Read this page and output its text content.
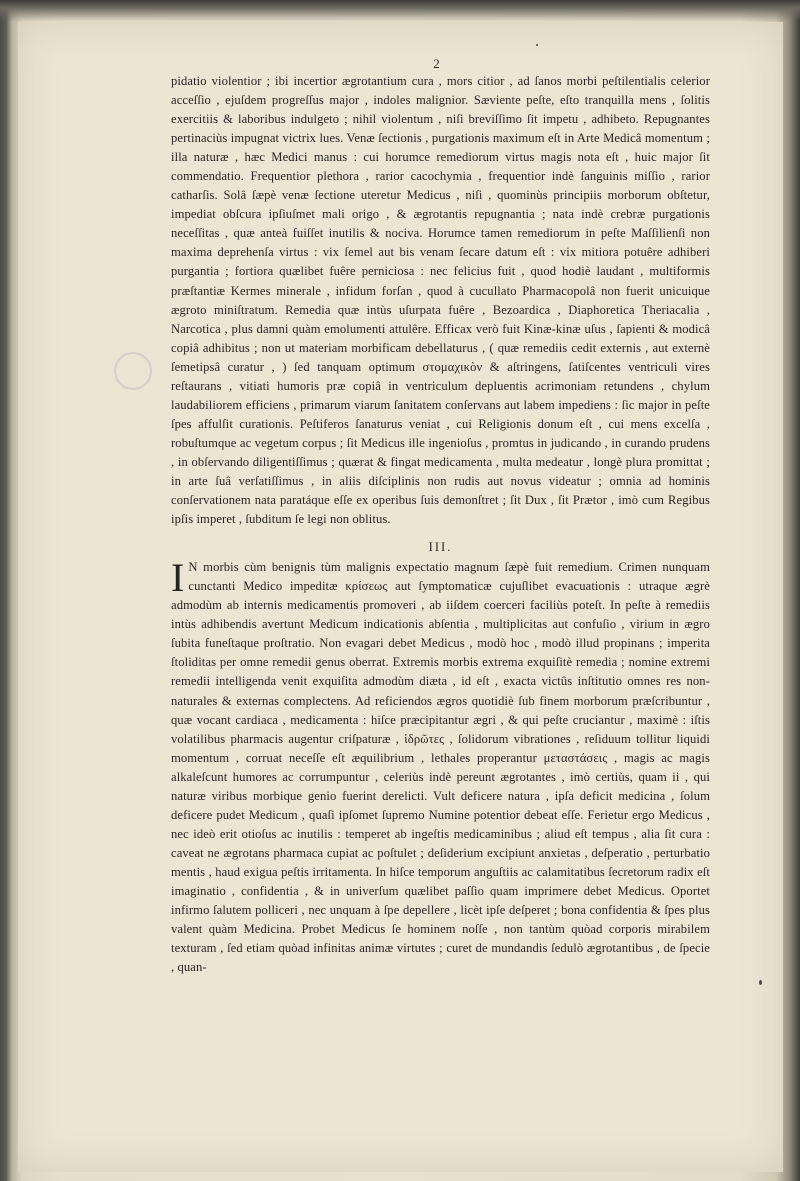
2

pidatio violentior ; ibi incertior ægrotantium cura , mors citior , ad ſanos morbi peſtilentialis celerior acceſſio , ejuſdem progreſſus major , indoles malignior. Sæviente peſte, eſto tranquilla mens , ſolitis exercitiis & laboribus indulgeto ; nihil violentum , niſi breviſſimo ſit impetu , adhibeto. Repugnantes pertinaciùs impugnat victrix lues. Venæ ſectionis , purgationis maximum eſt in Arte Medicâ momentum ; illa naturæ , hæc Medici manus : cui horumce remediorum virtus magis nota eſt , huic major ſit commendatio. Frequentior plethora , rarior cacochymia , frequentior indè ſanguinis miſſio , rarior catharſis. Solâ ſæpè venæ ſectione uteretur Medicus , niſi , quominùs principiis morborum obſtetur, impediat obſcura ipſiuſmet mali origo , & ægrotantis repugnantia ; nata indè crebræ purgationis neceſſitas , quæ anteà fuiſſet inutilis & nociva. Horumce tamen remediorum in peſte Maſſilienſi non maxima deprehenſa virtus : vix ſemel aut bis venam ſecare datum eſt : vix mitiora potuêre adhiberi purgantia ; fortiora quælibet fuêre perniciosa : nec felicius fuit , quod hodiè laudant , multiformis præſtantiæ Kermes minerale , infidum forſan , quod à cucullato Pharmacopolâ non fuerit unicuique ægroto miniſtratum. Remedia quæ intùs uſurpata fuêre , Bezoardica , Diaphoretica Theriacalia , Narcotica , plus damni quàm emolumenti attulêre. Efficax verò fuit Kinæ-kinæ uſus , ſapienti & modicâ copiâ adhibitus ; non ut materiam morbificam debellaturus , ( quæ remediis cedit externis , aut externè ſemetipsâ curatur , ) ſed tanquam optimum στομαχικὸν & aſtringens, ſatiſcentes ventriculi vires reſtaurans , vitiati humoris præ copiâ in ventriculum depluentis acrimoniam retundens , chylum laudabiliorem efficiens , primarum viarum ſanitatem conſervans aut labem impediens : ſic major in peſte ſpes affulſit curationis. Peſtiferos ſanaturus veniat , cui Religionis donum eſt , cui mens excelſa , robuſtumque ac vegetum corpus ; ſit Medicus ille ingenioſus , promtus in judicando , in curando prudens , in obſervando diligentiſſimus ; quærat & fingat medicamenta , multa medeatur , longè plura promittat ; in arte ſuâ verſatiſſimus , in aliis diſciplinis non rudis aut novus videatur ; omnia ad hominis conſervationem nata paratáque eſſe ex operibus ſuis demonſtret ; ſit Dux , ſit Prætor , imò cum Regibus ipſis imperet , ſubditum ſe legi non oblitus.

III.

I N morbis cùm benignis tùm malignis expectatio magnum ſæpè fuit remedium. Crimen nunquam cunctanti Medico impeditæ κρίσεως aut ſymptomaticæ cujuſlibet evacuationis : utraque ægrè admodùm ab internis medicamentis promoveri , ab iiſdem coerceri faciliùs poteſt. In peſte à remediis intùs adhibendis avertunt Medicum indicationis abſentia , multiplicitas aut confuſio , virium in ægro ſubita funeſtaque proſtratio. Non evagari debet Medicus , modò hoc , modò illud propinans ; imperita ſtoliditas per omne remedii genus oberrat. Extremis morbis extrema exquiſitè remedia ; nomine extremi remedii intelligenda venit exquiſita admodùm diæta , id eſt , exacta victûs inſtitutio omnes res non-naturales & externas complectens. Ad reficiendos ægros quotidiè ſub finem morborum præſcribuntur , quæ vocant cardiaca , medicamenta : hiſce præcipitantur ægri , & qui peſte cruciantur , maximè : iſtis volatilibus pharmacis augentur criſpaturæ , ἱδρῶτες , ſolidorum vibrationes , reſiduum tollitur liquidi momentum , corruat neceſſe eſt æquilibrium , lethales properantur μεταστάσεις , magis ac magis alkaleſcunt humores ac corrumpuntur , celeriùs indè pereunt ægrotantes , imò certiùs, quam ii , qui naturæ viribus morbique genio fuerint derelicti. Vult deficere natura , ipſa deficit medicina , ſolum deficere pudet Medicum , quaſi ipſomet ſupremo Numine potentior debeat eſſe. Ferietur ergo Medicus , nec ideò erit otioſus ac inutilis : temperet ab ingeſtis medicaminibus ; aliud eſt tempus , alia ſit cura : caveat ne ægrotans pharmaca cupiat ac poſtulet ; deſiderium excipiunt anxietas , deſperatio , perturbatio mentis , haud exigua peſtis irritamenta. In hiſce temporum anguſtiis ac calamitatibus ſecretorum radix eſt imaginatio , confidentia , & in univerſum quælibet paſſio quam imprimere debet Medicus. Oportet infirmo ſalutem polliceri , nec unquam à ſpe depellere , licèt ipſe deſperet ; bona confidentia & ſpes plus valent quàm Medicina. Probet Medicus ſe hominem noſſe , non tantùm quòad corporis mirabilem texturam , ſed etiam quòad infinitas animæ virtutes ; curet de mundandis ſedulò ægrotantibus , de ſpecie , quan-
